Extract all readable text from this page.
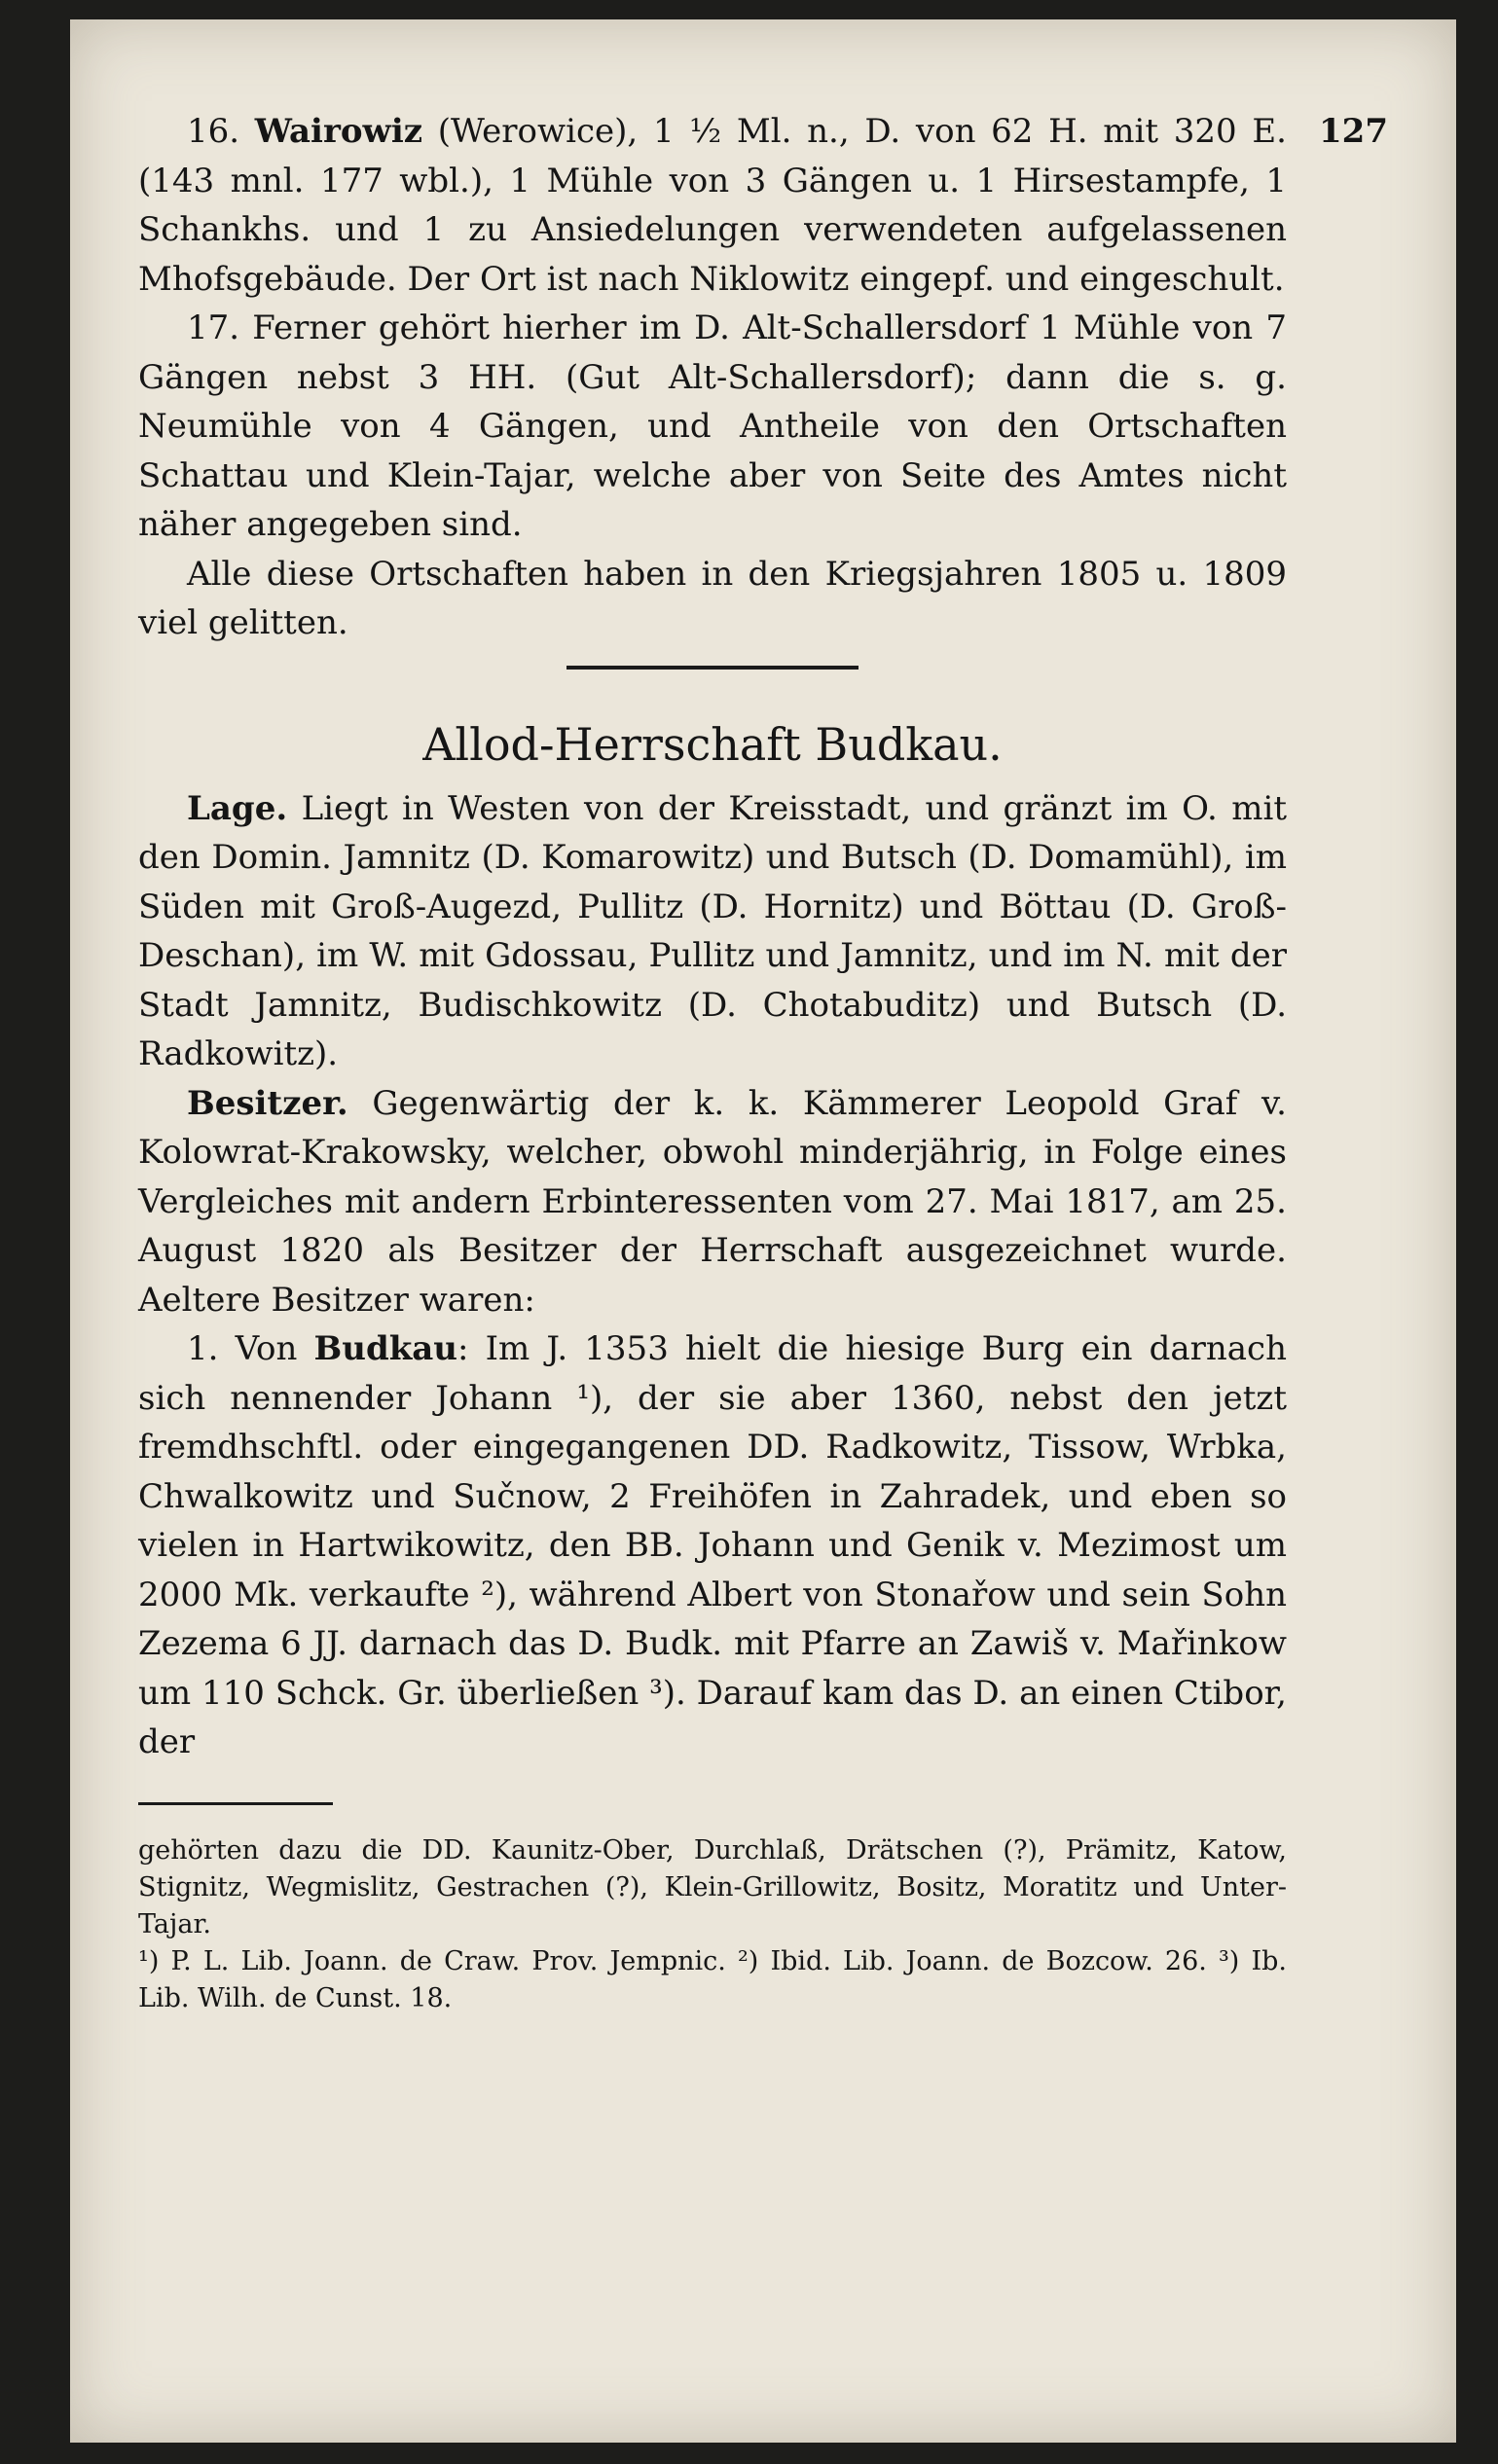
127

16. Wairowiz (Werowice), 1 ½ Ml. n., D. von 62 H. mit 320 E. (143 mnl. 177 wbl.), 1 Mühle von 3 Gängen u. 1 Hirsestampfe, 1 Schankhs. und 1 zu Ansiedelungen verwendeten aufgelassenen Mhofsgebäude. Der Ort ist nach Niklowitz eingepf. und eingeschult.

17. Ferner gehört hierher im D. Alt-Schallersdorf 1 Mühle von 7 Gängen nebst 3 HH. (Gut Alt-Schallersdorf); dann die s. g. Neumühle von 4 Gängen, und Antheile von den Ortschaften Schattau und Klein-Tajar, welche aber von Seite des Amtes nicht näher angegeben sind.

Alle diese Ortschaften haben in den Kriegsjahren 1805 u. 1809 viel gelitten.

Allod-Herrschaft Budkau.

Lage. Liegt in Westen von der Kreisstadt, und gränzt im O. mit den Domin. Jamnitz (D. Komarowitz) und Butsch (D. Domamühl), im Süden mit Groß-Augezd, Pullitz (D. Hornitz) und Böttau (D. Groß-Deschan), im W. mit Gdossau, Pullitz und Jamnitz, und im N. mit der Stadt Jamnitz, Budischkowitz (D. Chotabuditz) und Butsch (D. Radkowitz).

Besitzer. Gegenwärtig der k. k. Kämmerer Leopold Graf v. Kolowrat-Krakowsky, welcher, obwohl minderjährig, in Folge eines Vergleiches mit andern Erbinteressenten vom 27. Mai 1817, am 25. August 1820 als Besitzer der Herrschaft ausgezeichnet wurde. Aeltere Besitzer waren:

1. Von Budkau: Im J. 1353 hielt die hiesige Burg ein darnach sich nennender Johann ¹), der sie aber 1360, nebst den jetzt fremdhschftl. oder eingegangenen DD. Radkowitz, Tissow, Wrbka, Chwalkowitz und Sučnow, 2 Freihöfen in Zahradek, und eben so vielen in Hartwikowitz, den BB. Johann und Genik v. Mezimost um 2000 Mk. verkaufte ²), während Albert von Stonařow und sein Sohn Zezema 6 JJ. darnach das D. Budk. mit Pfarre an Zawiš v. Mařinkow um 110 Schck. Gr. überließen ³). Darauf kam das D. an einen Ctibor, der

gehörten dazu die DD. Kaunitz-Ober, Durchlaß, Drätschen (?), Prämitz, Katow, Stignitz, Wegmislitz, Gestrachen (?), Klein-Grillowitz, Bositz, Moratitz und Unter-Tajar.

¹) P. L. Lib. Joann. de Craw. Prov. Jempnic. ²) Ibid. Lib. Joann. de Bozcow. 26. ³) Ib. Lib. Wilh. de Cunst. 18.
